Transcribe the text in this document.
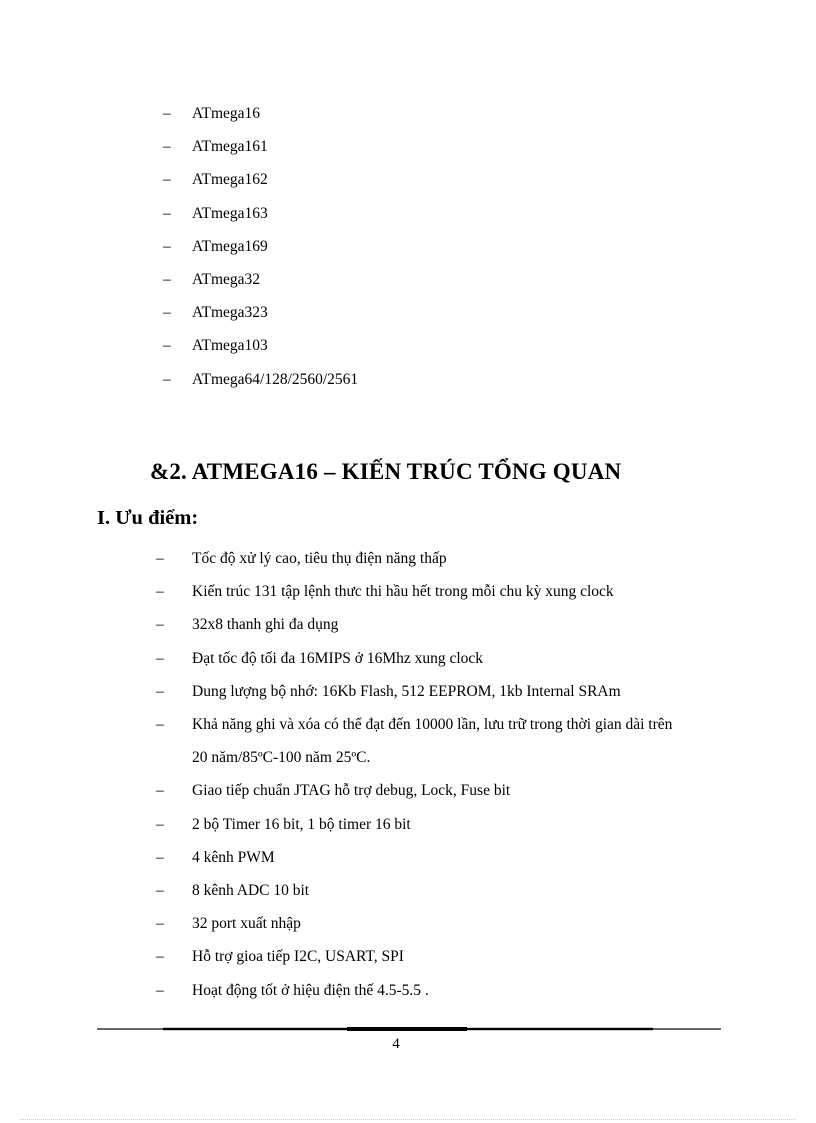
– ATmega16
– ATmega161
– ATmega162
– ATmega163
– ATmega169
– ATmega32
– ATmega323
– ATmega103
– ATmega64/128/2560/2561
&2. ATMEGA16 – KIẾN TRÚC TỔNG QUAN
I. Ưu điểm:
– Tốc độ xử lý cao, tiêu thụ điện năng thấp
– Kiến trúc 131 tập lệnh thưc thi hầu hết trong mỗi chu kỳ xung clock
– 32x8 thanh ghi đa dụng
– Đạt tốc độ tối đa 16MIPS ở 16Mhz xung clock
– Dung lượng bộ nhớ: 16Kb Flash, 512 EEPROM, 1kb Internal SRAm
– Khả năng ghi và xóa có thể đạt đến 10000 lần, lưu trữ trong thời gian dài trên 20 năm/85ºC-100 năm 25ºC.
– Giao tiếp chuẩn JTAG hỗ trợ debug, Lock, Fuse bit
– 2 bộ Timer 16 bit, 1 bộ timer 16 bit
– 4 kênh PWM
– 8 kênh ADC 10 bit
– 32 port xuất nhập
– Hỗ trợ gioa tiếp I2C, USART, SPI
– Hoạt động tốt ở hiệu điện thế 4.5-5.5 .
4
